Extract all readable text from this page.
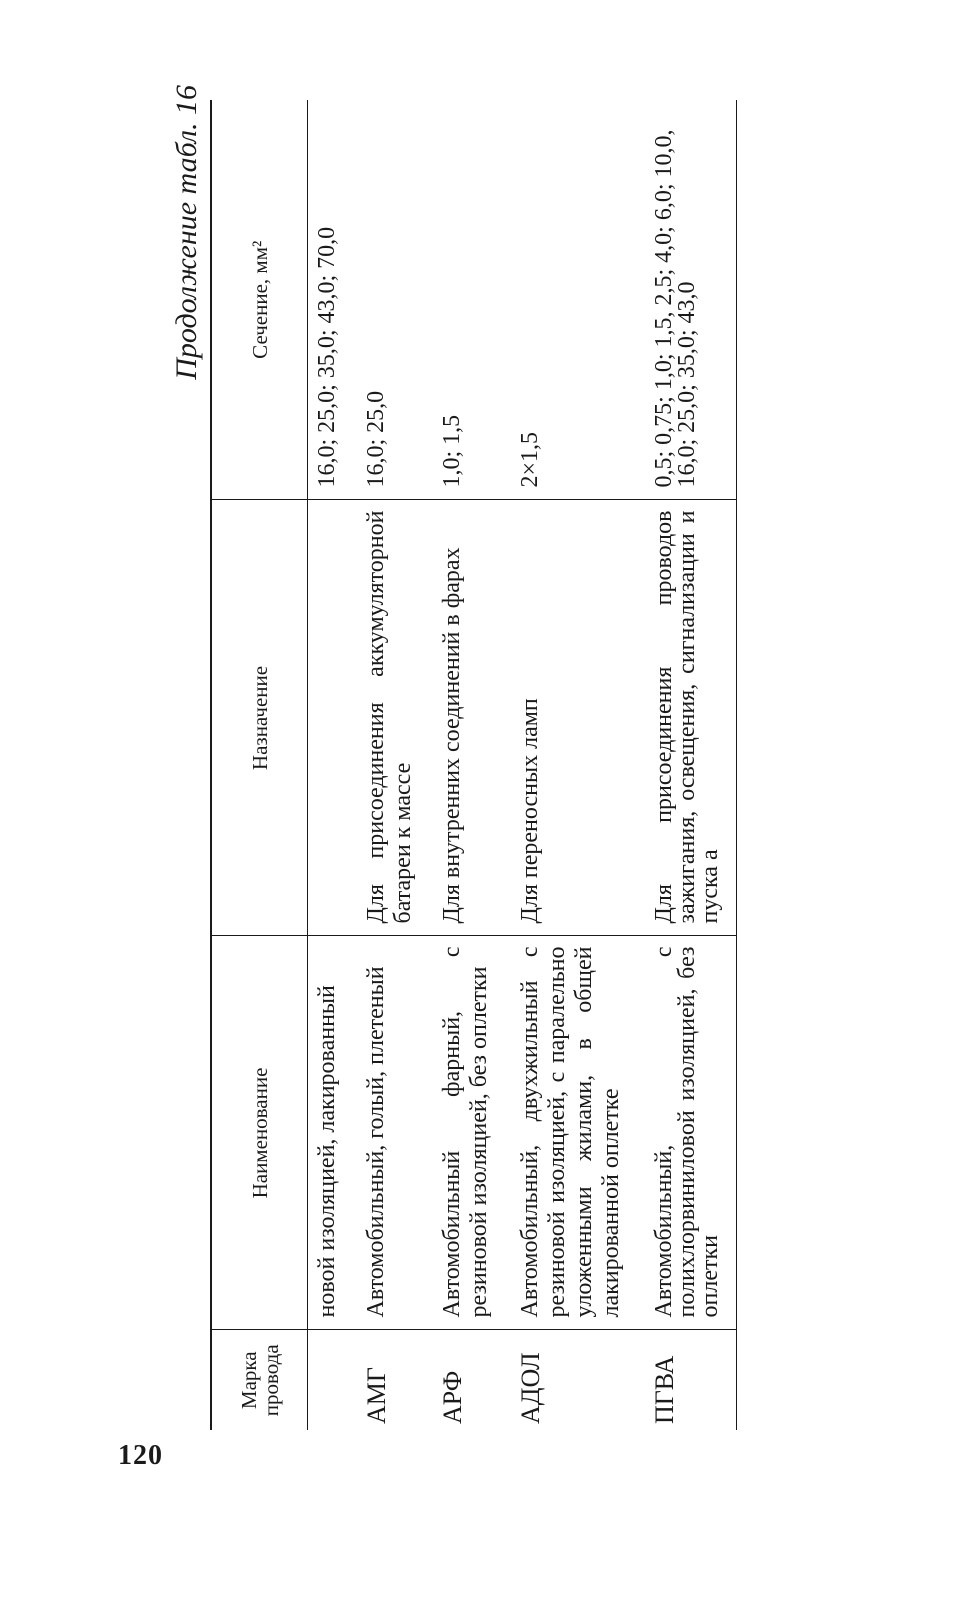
120
Продолжение табл. 16
Марка провода	Наименование	Назначение	Сечение, мм²
	новой изоляцией, лакированный		16,0; 25,0; 35,0; 43,0; 70,0
АМГ	Автомобильный, голый, плетеный	Для присоединения аккумуляторной батареи к массе	16,0; 25,0
АРФ	Автомобильный фарный, с резиновой изоляцией, без оплетки	Для внутренних соединений в фарах	1,0; 1,5
АДОЛ	Автомобильный, двухжильный с резиновой изоляцией, с паралельно уложенными жилами, в общей лакированной оплетке	Для переносных ламп	2×1,5
ПГВА	Автомобильный, с полихлорвиниловой изоляцией, без оплетки	Для присоединения проводов зажигания, освещения, сигнализации и пуска а	0,5; 0,75; 1,0; 1,5, 2,5; 4,0; 6,0; 10,0, 16,0; 25,0; 35,0; 43,0
